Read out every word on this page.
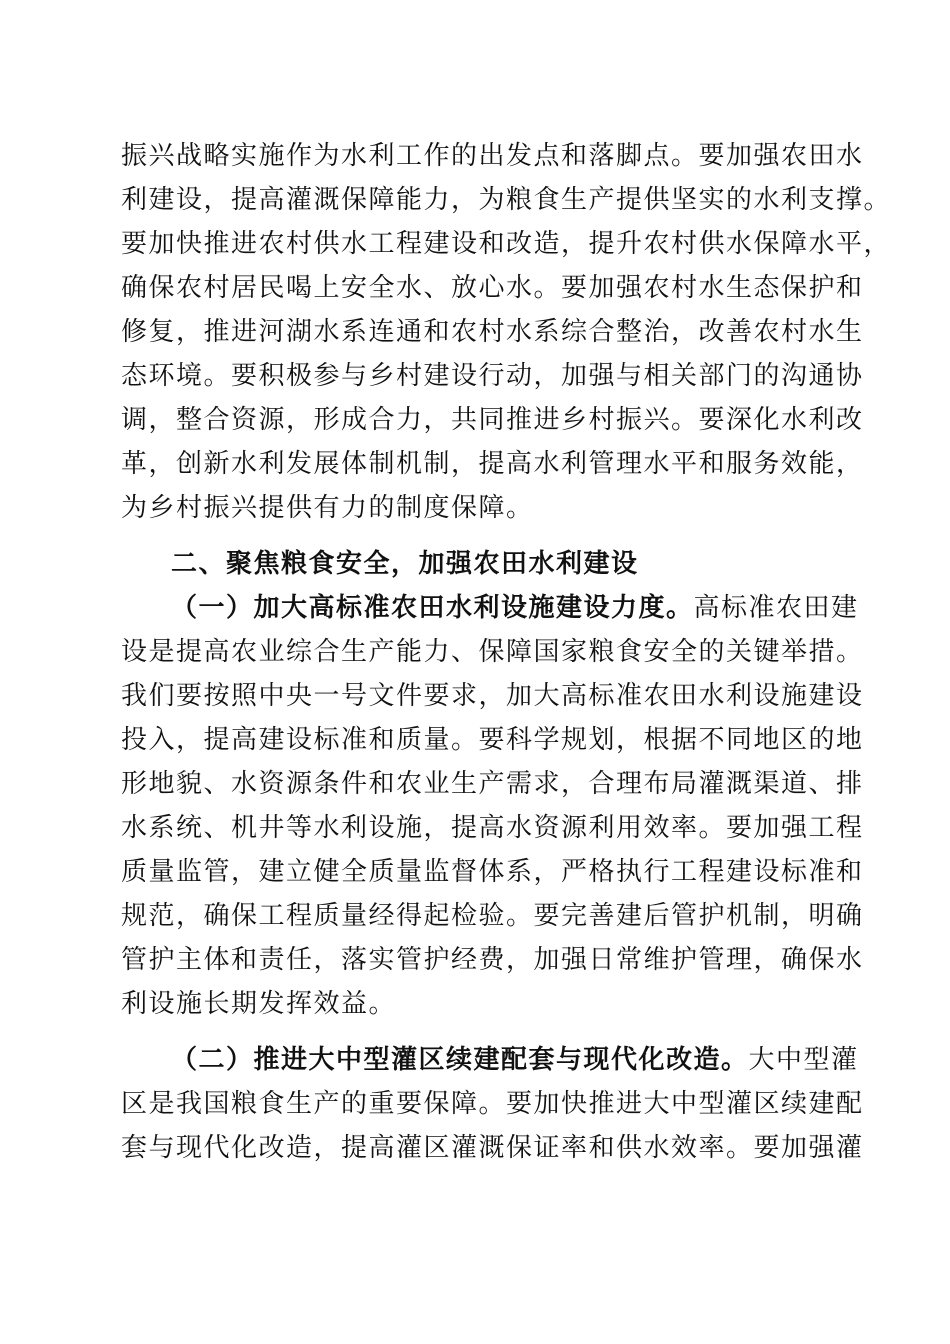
振兴战略实施作为水利工作的出发点和落脚点。要加强农田水
利建设，提高灌溉保障能力，为粮食生产提供坚实的水利支撑。
要加快推进农村供水工程建设和改造，提升农村供水保障水平，
确保农村居民喝上安全水、放心水。要加强农村水生态保护和
修复，推进河湖水系连通和农村水系综合整治，改善农村水生
态环境。要积极参与乡村建设行动，加强与相关部门的沟通协
调，整合资源，形成合力，共同推进乡村振兴。要深化水利改
革，创新水利发展体制机制，提高水利管理水平和服务效能，
为乡村振兴提供有力的制度保障。
二、聚焦粮食安全，加强农田水利建设
（一）加大高标准农田水利设施建设力度。高标准农田建
设是提高农业综合生产能力、保障国家粮食安全的关键举措。
我们要按照中央一号文件要求，加大高标准农田水利设施建设
投入，提高建设标准和质量。要科学规划，根据不同地区的地
形地貌、水资源条件和农业生产需求，合理布局灌溉渠道、排
水系统、机井等水利设施，提高水资源利用效率。要加强工程
质量监管，建立健全质量监督体系，严格执行工程建设标准和
规范，确保工程质量经得起检验。要完善建后管护机制，明确
管护主体和责任，落实管护经费，加强日常维护管理，确保水
利设施长期发挥效益。
（二）推进大中型灌区续建配套与现代化改造。大中型灌
区是我国粮食生产的重要保障。要加快推进大中型灌区续建配
套与现代化改造，提高灌区灌溉保证率和供水效率。要加强灌
